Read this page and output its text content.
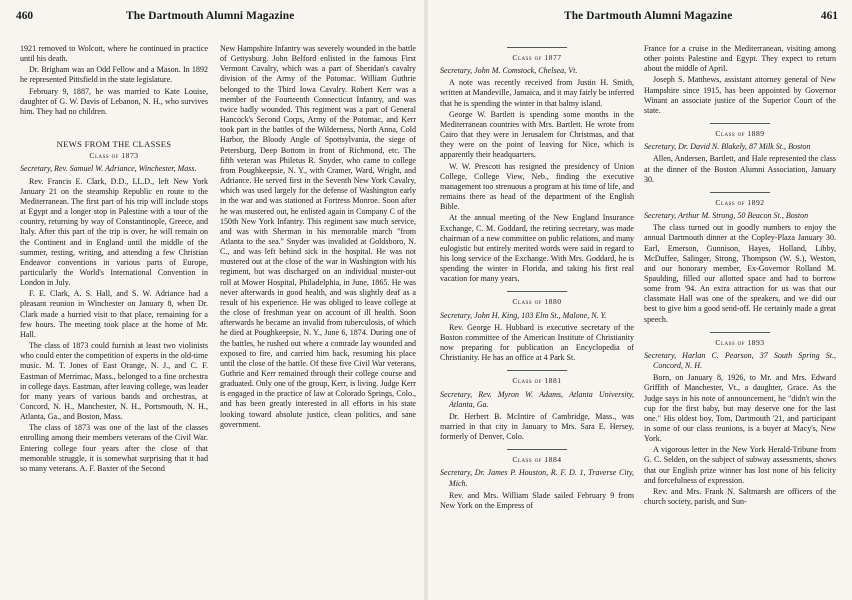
460	The Dartmouth Alumni Magazine

1921 removed to Wolcott, where he continued in practice until his death.

Dr. Brigham was an Odd Fellow and a Mason. In 1892 he represented Pittsfield in the state legislature.

February 9, 1887, he was married to Kate Louise, daughter of G. W. Davis of Lebanon, N. H., who survives him. They had no children.

NEWS FROM THE CLASSES
Class of 1873

Secretary, Rev. Samuel W. Adriance, Winchester, Mass.

Rev. Francis E. Clark, D.D., LL.D., left New York January 21 on the steamship Republic en route to the Mediterranean. The first part of his trip will include stops at Egypt and a longer stop in Palestine with a tour of the country, returning by way of Constantinople, Greece, and Italy. After this part of the trip is over, he will remain on the Continent and in England until the middle of the summer, resting, writing, and attending a few Christian Endeavor conventions in various parts of Europe, particularly the World's International Convention in London in July.

F. E. Clark, A. S. Hall, and S. W. Adriance had a pleasant reunion in Winchester on January 8, when Dr. Clark made a hurried visit to that place, remaining for a few hours. The meeting took place at the home of Mr. Hall.

The class of 1873 could furnish at least two violinists who could enter the competition of experts in the old-time music. M. T. Jones of East Orange, N. J., and C. F. Eastman of Merrimac, Mass., belonged to a fine orchestra in college days. Eastman, after leaving college, was leader for many years of various bands and orchestras, at Concord, N. H., Manchester, N. H., Portsmouth, N. H., Atlanta, Ga., and Boston, Mass.

The class of 1873 was one of the last of the classes enrolling among their members veterans of the Civil War. Entering college four years after the close of that memorable struggle, it is somewhat surprising that it had so many veterans. A. F. Baxter of the Second

New Hampshire Infantry was severely wounded in the battle of Gettysburg. John Belford enlisted in the famous First Vermont Cavalry, which was a part of Sheridan's cavalry division of the Army of the Potomac. William Guthrie belonged to the Third Iowa Cavalry. Robert Kerr was a member of the Fourteenth Connecticut Infantry, and was twice badly wounded. This regiment was a part of General Hancock's Second Corps, Army of the Potomac, and Kerr took part in the battles of the Wilderness, North Anna, Cold Harbor, the Bloody Angle of Spottsylvania, the siege of Petersburg, Deep Bottom in front of Richmond, etc. The fifth veteran was Philetus R. Snyder, who came to college from Poughkeepsie, N. Y., with Cramer, Ward, Wright, and Adriance. He served first in the Seventh New York Cavalry, which was used largely for the defense of Washington early in the war and was stationed at Fortress Monroe. Soon after he was mustered out, he enlisted again in Company C of the 150th New York Infantry. This regiment saw much service, and was with Sherman in his memorable march "from Atlanta to the sea." Snyder was invalided at Goldsboro, N. C., and was left behind sick in the hospital. He was not mustered out at the close of the war in Washington with his regiment, but was discharged on an individual muster-out roll at Mower Hospital, Philadelphia, in June, 1865. He was never afterwards in good health, and was slightly deaf as a result of his experience. He was obliged to leave college at the close of freshman year on account of ill health. Soon afterwards he became an invalid from tuberculosis, of which he died at Poughkeepsie, N. Y., June 6, 1874. During one of the battles, he rushed out where a comrade lay wounded and exposed to fire, and carried him back, resuming his place until the close of the battle. Of these five Civil War veterans, Guthrie and Kerr remained through their college course and graduated. Only one of the group, Kerr, is living. Judge Kerr is engaged in the practice of law at Colorado Springs, Colo., and has been greatly interested in all efforts in his state looking toward absolute justice, clean politics, and sane government.

The Dartmouth Alumni Magazine	461
Class of 1877

Secretary, John M. Comstock, Chelsea, Vt.

A note was recently received from Justin H. Smith, written at Mandeville, Jamaica, and it may fairly be inferred that he is spending the winter in that balmy island.

George W. Bartlett is spending some months in the Mediterranean countries with Mrs. Bartlett. He wrote from Cairo that they were in Jerusalem for Christmas, and that they were on the point of leaving for Nice, which is apparently their headquarters.

W. W. Prescott has resigned the presidency of Union College, College View, Neb., finding the executive management too strenuous a program at his time of life, and remains there as head of the department of the English Bible.

At the annual meeting of the New England Insurance Exchange, C. M. Goddard, the retiring secretary, was made chairman of a new committee on public relations, and many eulogistic but entirely merited words were said in regard to his long service of the Exchange. With Mrs. Goddard, he is spending the winter in Florida, and taking his first real vacation for many years.

Class of 1880

Secretary, John H. King, 103 Elm St., Malone, N. Y.

Rev. George H. Hubbard is executive secretary of the Boston committee of the American Institute of Christianity now preparing for publication an Encyclopedia of Christianity. He has an office at 4 Park St.

Class of 1881

Secretary, Rev. Myron W. Adams, Atlanta University, Atlanta, Ga.

Dr. Herbert B. McIntire of Cambridge, Mass., was married in that city in January to Mrs. Sara E. Hersey, formerly of Denver, Colo.

Class of 1884

Secretary, Dr. James P. Houston, R. F. D. 1, Traverse City, Mich.

Rev. and Mrs. William Slade sailed February 9 from New York on the Empress of

France for a cruise in the Mediterranean, visiting among other points Palestine and Egypt. They expect to return about the middle of April.

Joseph S. Matthews, assistant attorney general of New Hampshire since 1915, has been appointed by Governor Winant an associate justice of the Superior Court of the state.

Class of 1889

Secretary, Dr. David N. Blakely, 87 Milk St., Boston

Allen, Andersen, Bartlett, and Hale represented the class at the dinner of the Boston Alumni Association, January 30.

Class of 1892

Secretary, Arthur M. Strong, 50 Beacon St., Boston

The class turned out in goodly numbers to enjoy the annual Dartmouth dinner at the Copley-Plaza January 30. Earl, Emerson, Gunnison, Hayes, Holland, Libby, McDuffee, Salinger, Strong, Thompson (W. S.), Weston, and our honorary member, Ex-Governor Rolland M. Spaulding, filled our allotted space and had to borrow some from '94. An extra attraction for us was that our classmate Hall was one of the speakers, and we did our best to give him a good send-off. He certainly made a great speech.

Class of 1893

Secretary, Harlan C. Pearson, 37 South Spring St., Concord, N. H.

Born, on January 8, 1926, to Mr. and Mrs. Edward Griffith of Manchester, Vt., a daughter, Grace. As the Judge says in his note of announcement, he "didn't win the cup for the first baby, but may deserve one for the last one." His oldest boy, Tom, Dartmouth '21, and participant in some of our class reunions, is a buyer at Macy's, New York.

A vigorous letter in the New York Herald-Tribune from G. C. Selden, on the subject of subway assessments, shows that our English prize winner has lost none of his felicity and forcefulness of expression.

Rev. and Mrs. Frank N. Saltmarsh are officers of the church society, parish, and Sun-
